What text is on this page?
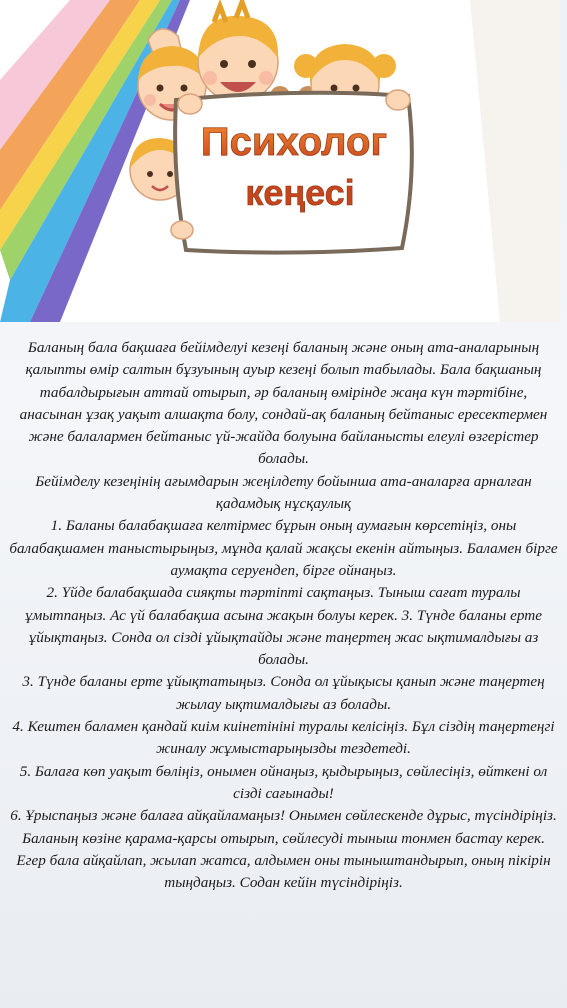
Психолог
кеңесі

Баланың бала бақшаға бейімделуі кезеңі баланың және оның ата-аналарының қалыпты өмір салтын бұзуының ауыр кезеңі болып табылады. Бала бақшаның табалдырығын аттай отырып, әр баланың өмірінде жаңа күн тәртібіне, анасынан ұзақ уақыт алшақта болу, сондай-ақ баланың бейтаныс ересектермен және балалармен бейтаныс үй-жайда болуына байланысты елеулі өзгерістер болады.

Бейімделу кезеңінің ағымдарын жеңілдету бойынша ата-аналарға арналған қадамдық нұсқаулық

1. Баланы балабақшаға келтірмес бұрын оның аумағын көрсетіңіз, оны балабақшамен таныстырыңыз, мұнда қалай жақсы екенін айтыңыз. Баламен бірге аумақта серуендеп, бірге ойнаңыз.

2. Үйде балабақшада сияқты тәртіпті сақтаңыз. Тыныш сағат туралы ұмытпаңыз. Ас үй балабақша асына жақын болуы керек. 3. Түнде баланы ерте ұйықтаңыз. Сонда ол сізді ұйықтайды және таңертең жас ықтималдығы аз болады.

3. Түнде баланы ерте ұйықтатыңыз. Сонда ол ұйықысы қанып және таңертең жылау ықтималдығы аз болады.

4. Кештен баламен қандай киім киінетініні туралы келісіңіз. Бұл сіздің таңертеңгі жиналу жұмыстарыңызды тездетеді.

5. Балаға көп уақыт бөліңіз, онымен ойнаңыз, қыдырыңыз, сөйлесіңіз, өйткені ол сізді сағынады!

6. Ұрыспаңыз және балаға айқайламаңыз! Онымен сөйлескенде дұрыс, түсіндіріңіз. Баланың көзіне қарама-қарсы отырып, сөйлесуді тыныш тонмен бастау керек. Егер бала айқайлап, жылап жатса, алдымен оны тыныштандырып, оның пікірін тыңдаңыз. Содан кейін түсіндіріңіз.
